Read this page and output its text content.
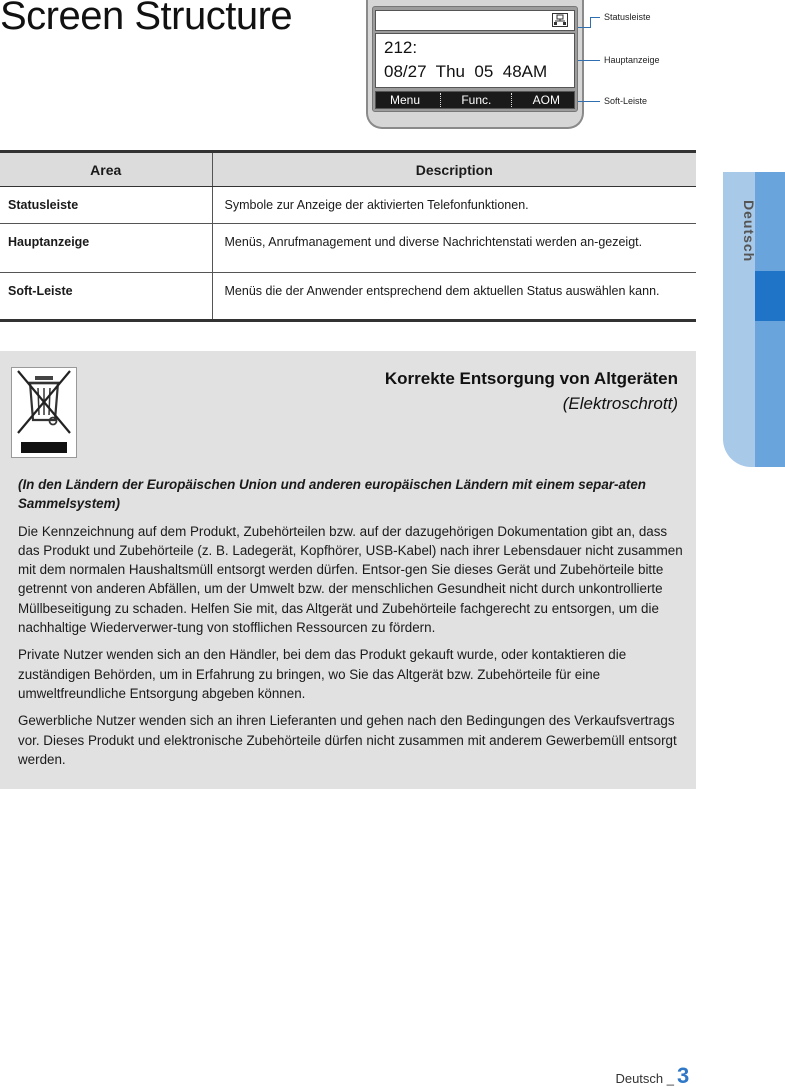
Screen Structure
212:
08/27  Thu  05  48AM
Menu	Func.	AOM
Statusleiste
Hauptanzeige
Soft-Leiste
Area	Description
Statusleiste	Symbole zur Anzeige der aktivierten Telefonfunktionen.
Hauptanzeige	Menüs, Anrufmanagement und diverse Nachrichtenstati werden an-gezeigt.
Soft-Leiste	Menüs die der Anwender entsprechend dem aktuellen Status auswählen kann.
Korrekte Entsorgung von Altgeräten
(Elektroschrott)

(In den Ländern der Europäischen Union und anderen europäischen Ländern mit einem separ-aten Sammelsystem)

Die Kennzeichnung auf dem Produkt, Zubehörteilen bzw. auf der dazugehörigen Dokumentation gibt an, dass das Produkt und Zubehörteile (z. B. Ladegerät, Kopfhörer, USB-Kabel) nach ihrer Lebensdauer nicht zusammen mit dem normalen Haushaltsmüll entsorgt werden dürfen. Entsor-gen Sie dieses Gerät und Zubehörteile bitte getrennt von anderen Abfällen, um der Umwelt bzw. der menschlichen Gesundheit nicht durch unkontrollierte Müllbeseitigung zu schaden. Helfen Sie mit, das Altgerät und Zubehörteile fachgerecht zu entsorgen, um die nachhaltige Wiederverwer-tung von stofflichen Ressourcen zu fördern.

Private Nutzer wenden sich an den Händler, bei dem das Produkt gekauft wurde, oder kontaktieren die zuständigen Behörden, um in Erfahrung zu bringen, wo Sie das Altgerät bzw. Zubehörteile für eine umweltfreundliche Entsorgung abgeben können.

Gewerbliche Nutzer wenden sich an ihren Lieferanten und gehen nach den Bedingungen des Verkaufsvertrags vor. Dieses Produkt und elektronische Zubehörteile dürfen nicht zusammen mit anderem Gewerbemüll entsorgt werden.

Deutsch
Deutsch _ 3
